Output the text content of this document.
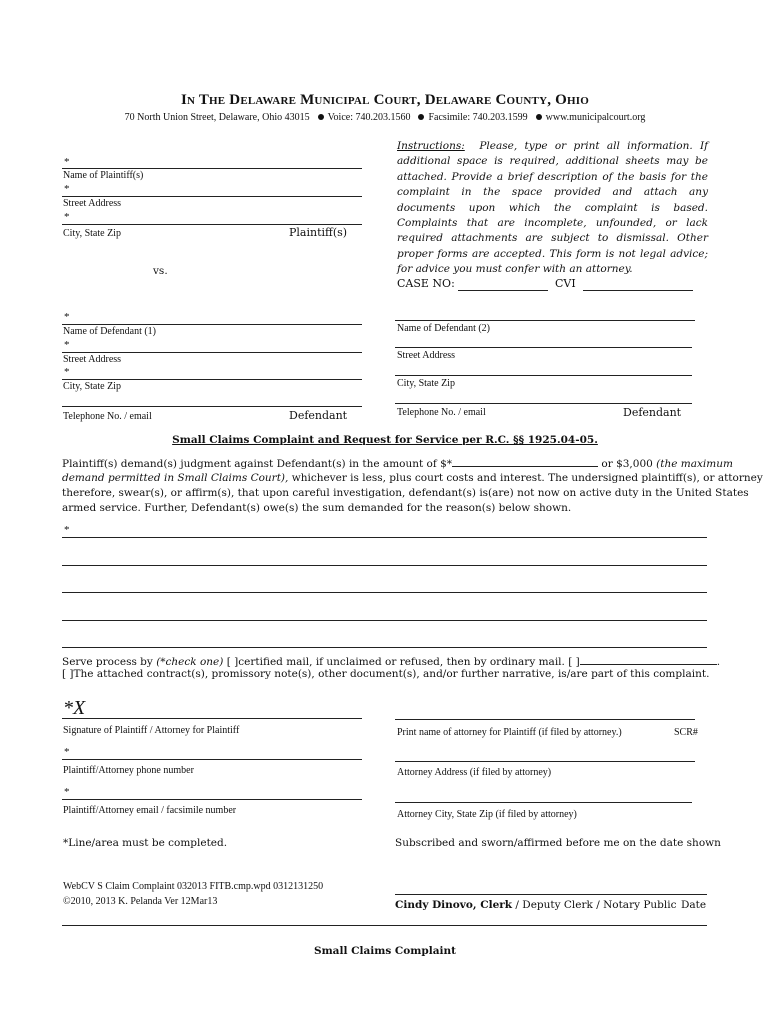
In The Delaware Municipal Court, Delaware County, Ohio
70 North Union Street, Delaware, Ohio 43015 Voice: 740.203.1560 Facsimile: 740.203.1599 www.municipalcourt.org
Instructions: Please, type or print all information. If additional space is required, additional sheets may be attached. Provide a brief description of the basis for the complaint in the space provided and attach any documents upon which the complaint is based. Complaints that are incomplete, unfounded, or lack required attachments are subject to dismissal. Other proper forms are accepted. This form is not legal advice; for advice you must confer with an attorney.
*
Name of Plaintiff(s)
*
Street Address
*
City, State Zip	Plaintiff(s)
vs.
CASE NO:	CVI
*
Name of Defendant (1)
*
Street Address
*
City, State Zip
Telephone No. / email	Defendant
Name of Defendant (2)
Street Address
City, State Zip
Telephone No. / email	Defendant
Small Claims Complaint and Request for Service per R.C. §§ 1925.04-05.
Plaintiff(s) demand(s) judgment against Defendant(s) in the amount of $*	or $3,000 (the maximum
demand permitted in Small Claims Court), whichever is less, plus court costs and interest. The undersigned plaintiff(s), or attorney
therefore, swear(s), or affirm(s), that upon careful investigation, defendant(s) is(are) not now on active duty in the United States
armed service. Further, Defendant(s) owe(s) the sum demanded for the reason(s) below shown.
*
Serve process by (*check one) [ ]certified mail, if unclaimed or refused, then by ordinary mail. [ ]	.
[ ]The attached contract(s), promissory note(s), other document(s), and/or further narrative, is/are part of this complaint.
*X
Signature of Plaintiff / Attorney for Plaintiff
*
Plaintiff/Attorney phone number
*
Plaintiff/Attorney email / facsimile number
Print name of attorney for Plaintiff (if filed by attorney.)	SCR#
Attorney Address (if filed by attorney)
Attorney City, State Zip (if filed by attorney)
*Line/area must be completed.	Subscribed and sworn/affirmed before me on the date shown
WebCV S Claim Complaint 032013 FITB.cmp.wpd 0312131250
©2010, 2013 K. Pelanda Ver 12Mar13	Cindy Dinovo, Clerk / Deputy Clerk / Notary Public Date
Small Claims Complaint
